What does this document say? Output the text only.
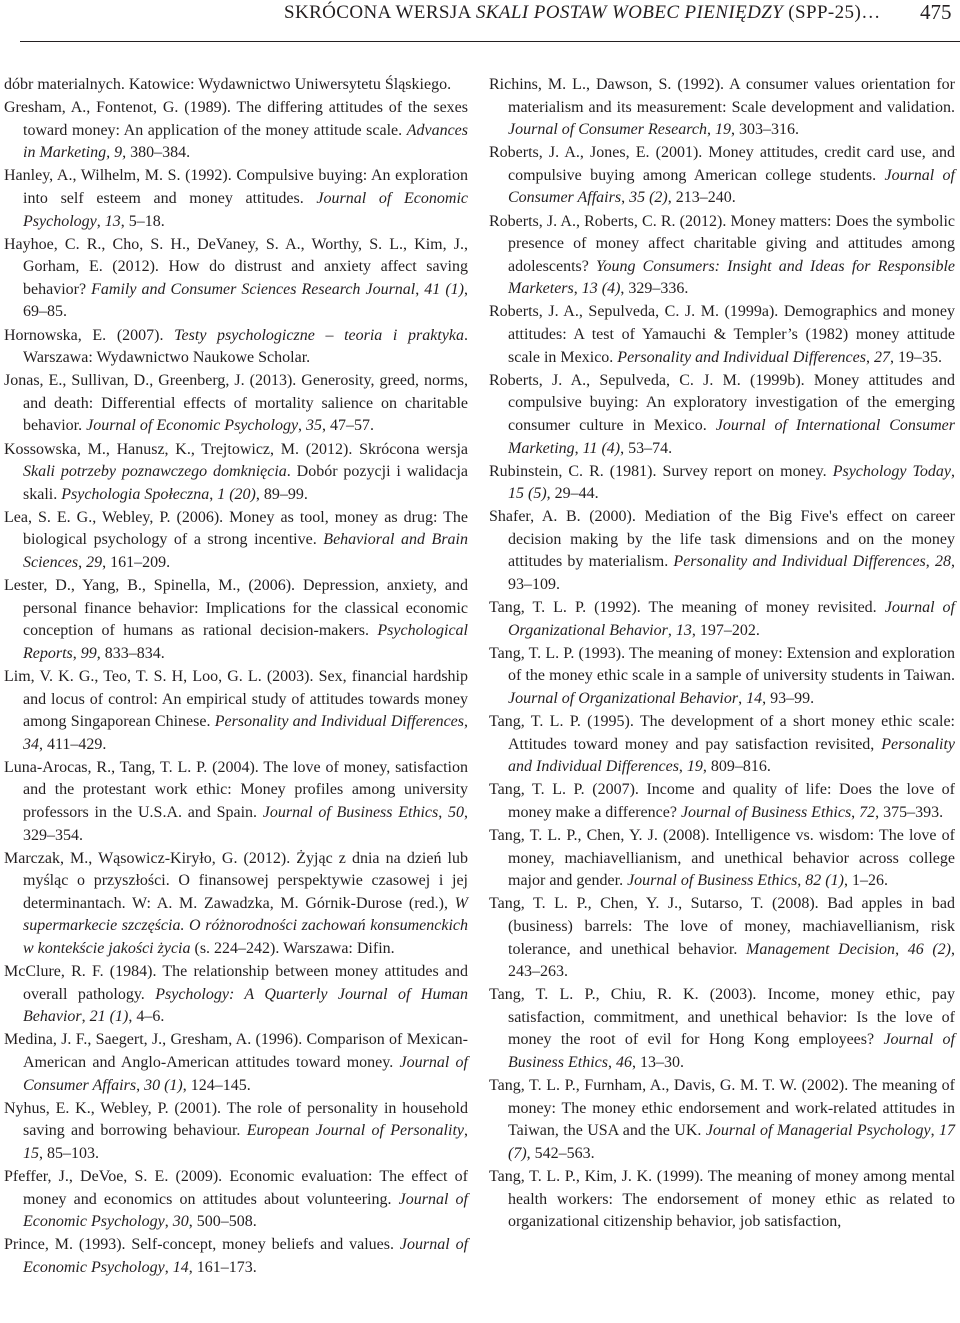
SKRÓCONA WERSJA SKALI POSTAW WOBEC PIENIĘDZY (SPP-25)… 475

dóbr materialnych. Katowice: Wydawnictwo Uniwersytetu Śląskiego.

Gresham, A., Fontenot, G. (1989). The differing attitudes of the sexes toward money: An application of the money attitude scale. Advances in Marketing, 9, 380–384.

Hanley, A., Wilhelm, M. S. (1992). Compulsive buying: An exploration into self esteem and money attitudes. Journal of Economic Psychology, 13, 5–18.

Hayhoe, C. R., Cho, S. H., DeVaney, S. A., Worthy, S. L., Kim, J., Gorham, E. (2012). How do distrust and anxiety affect saving behavior? Family and Consumer Sciences Research Journal, 41 (1), 69–85.

Hornowska, E. (2007). Testy psychologiczne – teoria i praktyka. Warszawa: Wydawnictwo Naukowe Scholar.

Jonas, E., Sullivan, D., Greenberg, J. (2013). Generosity, greed, norms, and death: Differential effects of mortality salience on charitable behavior. Journal of Economic Psychology, 35, 47–57.

Kossowska, M., Hanusz, K., Trejtowicz, M. (2012). Skrócona wersja Skali potrzeby poznawczego domknięcia. Dobór pozycji i walidacja skali. Psychologia Społeczna, 1 (20), 89–99.

Lea, S. E. G., Webley, P. (2006). Money as tool, money as drug: The biological psychology of a strong incentive. Behavioral and Brain Sciences, 29, 161–209.

Lester, D., Yang, B., Spinella, M., (2006). Depression, anxiety, and personal finance behavior: Implications for the classical economic conception of humans as rational decision-makers. Psychological Reports, 99, 833–834.

Lim, V. K. G., Teo, T. S. H, Loo, G. L. (2003). Sex, financial hardship and locus of control: An empirical study of attitudes towards money among Singaporean Chinese. Personality and Individual Differences, 34, 411–429.

Luna-Arocas, R., Tang, T. L. P. (2004). The love of money, satisfaction and the protestant work ethic: Money profiles among university professors in the U.S.A. and Spain. Journal of Business Ethics, 50, 329–354.

Marczak, M., Wąsowicz-Kiryło, G. (2012). Żyjąc z dnia na dzień lub myśląc o przyszłości. O finansowej perspektywie czasowej i jej determinantach. W: A. M. Zawadzka, M. Górnik-Durose (red.), W supermarkecie szczęścia. O różnorodności zachowań konsumenckich w kontekście jakości życia (s. 224–242). Warszawa: Difin.

McClure, R. F. (1984). The relationship between money attitudes and overall pathology. Psychology: A Quarterly Journal of Human Behavior, 21 (1), 4–6.

Medina, J. F., Saegert, J., Gresham, A. (1996). Comparison of Mexican-American and Anglo-American attitudes toward money. Journal of Consumer Affairs, 30 (1), 124–145.

Nyhus, E. K., Webley, P. (2001). The role of personality in household saving and borrowing behaviour. European Journal of Personality, 15, 85–103.

Pfeffer, J., DeVoe, S. E. (2009). Economic evaluation: The effect of money and economics on attitudes about volunteering. Journal of Economic Psychology, 30, 500–508.

Prince, M. (1993). Self-concept, money beliefs and values. Journal of Economic Psychology, 14, 161–173.

Richins, M. L., Dawson, S. (1992). A consumer values orientation for materialism and its measurement: Scale development and validation. Journal of Consumer Research, 19, 303–316.

Roberts, J. A., Jones, E. (2001). Money attitudes, credit card use, and compulsive buying among American college students. Journal of Consumer Affairs, 35 (2), 213–240.

Roberts, J. A., Roberts, C. R. (2012). Money matters: Does the symbolic presence of money affect charitable giving and attitudes among adolescents? Young Consumers: Insight and Ideas for Responsible Marketers, 13 (4), 329–336.

Roberts, J. A., Sepulveda, C. J. M. (1999a). Demographics and money attitudes: A test of Yamauchi & Templer’s (1982) money attitude scale in Mexico. Personality and Individual Differences, 27, 19–35.

Roberts, J. A., Sepulveda, C. J. M. (1999b). Money attitudes and compulsive buying: An exploratory investigation of the emerging consumer culture in Mexico. Journal of International Consumer Marketing, 11 (4), 53–74.

Rubinstein, C. R. (1981). Survey report on money. Psychology Today, 15 (5), 29–44.

Shafer, A. B. (2000). Mediation of the Big Five's effect on career decision making by the life task dimensions and on the money attitudes by materialism. Personality and Individual Differences, 28, 93–109.

Tang, T. L. P. (1992). The meaning of money revisited. Journal of Organizational Behavior, 13, 197–202.

Tang, T. L. P. (1993). The meaning of money: Extension and exploration of the money ethic scale in a sample of university students in Taiwan. Journal of Organizational Behavior, 14, 93–99.

Tang, T. L. P. (1995). The development of a short money ethic scale: Attitudes toward money and pay satisfaction revisited, Personality and Individual Differences, 19, 809–816.

Tang, T. L. P. (2007). Income and quality of life: Does the love of money make a difference? Journal of Business Ethics, 72, 375–393.

Tang, T. L. P., Chen, Y. J. (2008). Intelligence vs. wisdom: The love of money, machiavellianism, and unethical behavior across college major and gender. Journal of Business Ethics, 82 (1), 1–26.

Tang, T. L. P., Chen, Y. J., Sutarso, T. (2008). Bad apples in bad (business) barrels: The love of money, machiavellianism, risk tolerance, and unethical behavior. Management Decision, 46 (2), 243–263.

Tang, T. L. P., Chiu, R. K. (2003). Income, money ethic, pay satisfaction, commitment, and unethical behavior: Is the love of money the root of evil for Hong Kong employees? Journal of Business Ethics, 46, 13–30.

Tang, T. L. P., Furnham, A., Davis, G. M. T. W. (2002). The meaning of money: The money ethic endorsement and work-related attitudes in Taiwan, the USA and the UK. Journal of Managerial Psychology, 17 (7), 542–563.

Tang, T. L. P., Kim, J. K. (1999). The meaning of money among mental health workers: The endorsement of money ethic as related to organizational citizenship behavior, job satisfaction,
